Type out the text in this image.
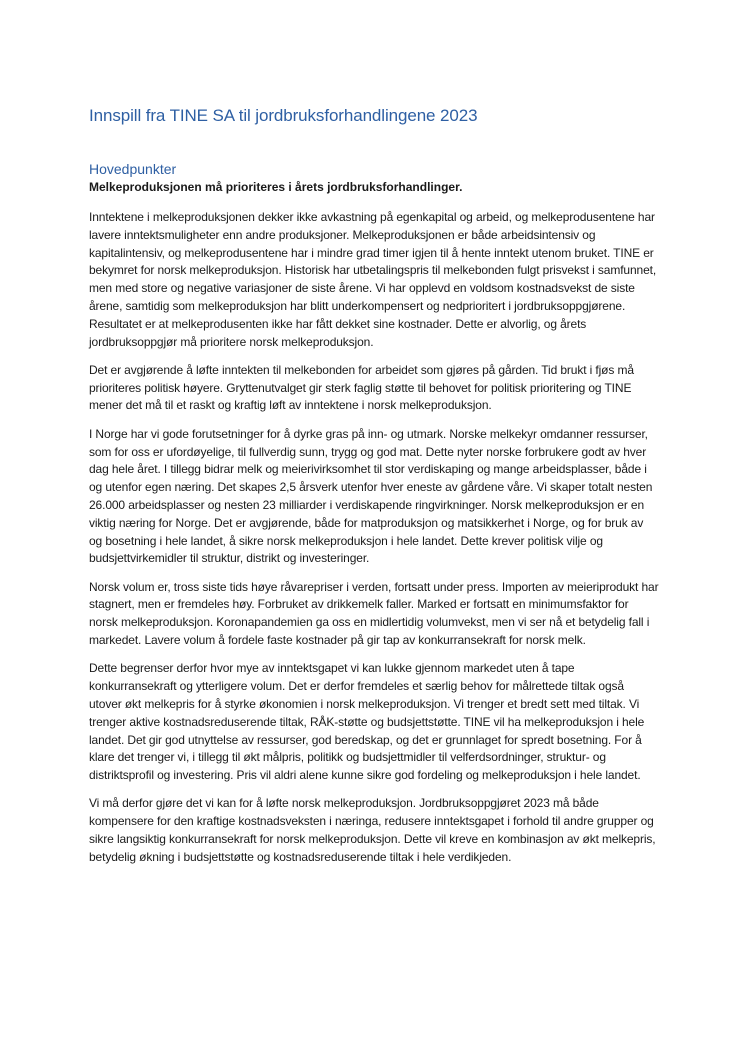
Innspill fra TINE SA til jordbruksforhandlingene 2023
Hovedpunkter
Melkeproduksjonen må prioriteres i årets jordbruksforhandlinger.

Inntektene i melkeproduksjonen dekker ikke avkastning på egenkapital og arbeid, og melkeprodusentene har lavere inntektsmuligheter enn andre produksjoner. Melkeproduksjonen er både arbeidsintensiv og kapitalintensiv, og melkeprodusentene har i mindre grad timer igjen til å hente inntekt utenom bruket. TINE er bekymret for norsk melkeproduksjon. Historisk har utbetalingspris til melkebonden fulgt prisvekst i samfunnet, men med store og negative variasjoner de siste årene. Vi har opplevd en voldsom kostnadsvekst de siste årene, samtidig som melkeproduksjon har blitt underkompensert og nedprioritert i jordbruksoppgjørene. Resultatet er at melkeprodusenten ikke har fått dekket sine kostnader. Dette er alvorlig, og årets jordbruksoppgjør må prioritere norsk melkeproduksjon.

Det er avgjørende å løfte inntekten til melkebonden for arbeidet som gjøres på gården. Tid brukt i fjøs må prioriteres politisk høyere. Gryttenutvalget gir sterk faglig støtte til behovet for politisk prioritering og TINE mener det må til et raskt og kraftig løft av inntektene i norsk melkeproduksjon.

I Norge har vi gode forutsetninger for å dyrke gras på inn- og utmark. Norske melkekyr omdanner ressurser, som for oss er ufordøyelige, til fullverdig sunn, trygg og god mat. Dette nyter norske forbrukere godt av hver dag hele året. I tillegg bidrar melk og meierivirksomhet til stor verdiskaping og mange arbeidsplasser, både i og utenfor egen næring. Det skapes 2,5 årsverk utenfor hver eneste av gårdene våre. Vi skaper totalt nesten 26.000 arbeidsplasser og nesten 23 milliarder i verdiskapende ringvirkninger. Norsk melkeproduksjon er en viktig næring for Norge. Det er avgjørende, både for matproduksjon og matsikkerhet i Norge, og for bruk av og bosetning i hele landet, å sikre norsk melkeproduksjon i hele landet. Dette krever politisk vilje og budsjettvirkemidler til struktur, distrikt og investeringer.

Norsk volum er, tross siste tids høye råvarepriser i verden, fortsatt under press. Importen av meieriprodukt har stagnert, men er fremdeles høy. Forbruket av drikkemelk faller. Marked er fortsatt en minimumsfaktor for norsk melkeproduksjon. Koronapandemien ga oss en midlertidig volumvekst, men vi ser nå et betydelig fall i markedet. Lavere volum å fordele faste kostnader på gir tap av konkurransekraft for norsk melk.

Dette begrenser derfor hvor mye av inntektsgapet vi kan lukke gjennom markedet uten å tape konkurransekraft og ytterligere volum. Det er derfor fremdeles et særlig behov for målrettede tiltak også utover økt melkepris for å styrke økonomien i norsk melkeproduksjon. Vi trenger et bredt sett med tiltak. Vi trenger aktive kostnadsreduserende tiltak, RÅK-støtte og budsjettstøtte. TINE vil ha melkeproduksjon i hele landet. Det gir god utnyttelse av ressurser, god beredskap, og det er grunnlaget for spredt bosetning. For å klare det trenger vi, i tillegg til økt målpris, politikk og budsjettmidler til velferdsordninger, struktur- og distriktsprofil og investering. Pris vil aldri alene kunne sikre god fordeling og melkeproduksjon i hele landet.

Vi må derfor gjøre det vi kan for å løfte norsk melkeproduksjon. Jordbruksoppgjøret 2023 må både kompensere for den kraftige kostnadsveksten i næringa, redusere inntektsgapet i forhold til andre grupper og sikre langsiktig konkurransekraft for norsk melkeproduksjon. Dette vil kreve en kombinasjon av økt melkepris, betydelig økning i budsjettstøtte og kostnadsreduserende tiltak i hele verdikjeden.
